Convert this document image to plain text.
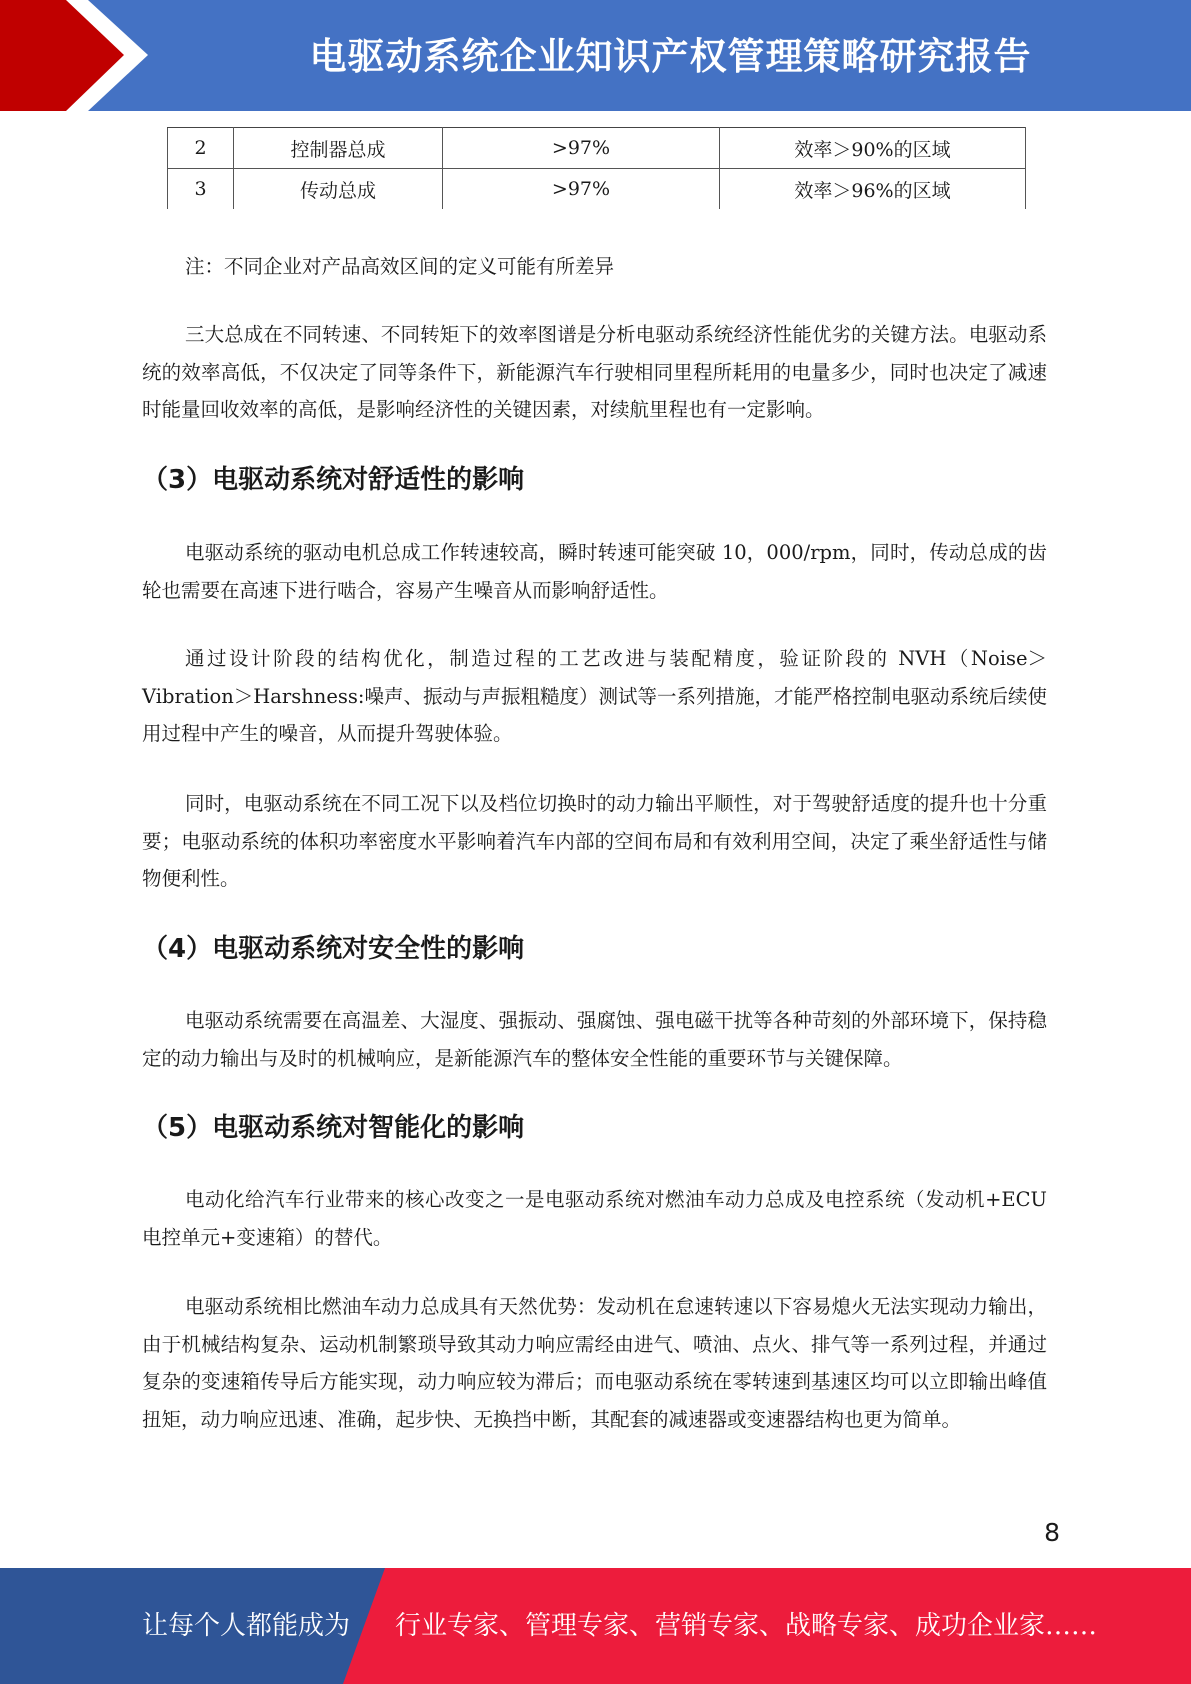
电驱动系统企业知识产权管理策略研究报告
2	控制器总成	>97%	效率＞90%的区域
3	传动总成	>97%	效率＞96%的区域

注：不同企业对产品高效区间的定义可能有所差异

三大总成在不同转速、不同转矩下的效率图谱是分析电驱动系统经济性能优劣的关键方法。电驱动系统的效率高低，不仅决定了同等条件下，新能源汽车行驶相同里程所耗用的电量多少，同时也决定了减速时能量回收效率的高低，是影响经济性的关键因素，对续航里程也有一定影响。

（3）电驱动系统对舒适性的影响

电驱动系统的驱动电机总成工作转速较高，瞬时转速可能突破 10，000/rpm，同时，传动总成的齿轮也需要在高速下进行啮合，容易产生噪音从而影响舒适性。

通过设计阶段的结构优化，制造过程的工艺改进与装配精度，验证阶段的 NVH（Noise＞Vibration＞Harshness:噪声、振动与声振粗糙度）测试等一系列措施，才能严格控制电驱动系统后续使用过程中产生的噪音，从而提升驾驶体验。

同时，电驱动系统在不同工况下以及档位切换时的动力输出平顺性，对于驾驶舒适度的提升也十分重要；电驱动系统的体积功率密度水平影响着汽车内部的空间布局和有效利用空间，决定了乘坐舒适性与储物便利性。

（4）电驱动系统对安全性的影响

电驱动系统需要在高温差、大湿度、强振动、强腐蚀、强电磁干扰等各种苛刻的外部环境下，保持稳定的动力输出与及时的机械响应，是新能源汽车的整体安全性能的重要环节与关键保障。

（5）电驱动系统对智能化的影响

电动化给汽车行业带来的核心改变之一是电驱动系统对燃油车动力总成及电控系统（发动机+ECU 电控单元+变速箱）的替代。

电驱动系统相比燃油车动力总成具有天然优势：发动机在怠速转速以下容易熄火无法实现动力输出，由于机械结构复杂、运动机制繁琐导致其动力响应需经由进气、喷油、点火、排气等一系列过程，并通过复杂的变速箱传导后方能实现，动力响应较为滞后；而电驱动系统在零转速到基速区均可以立即输出峰值扭矩，动力响应迅速、准确，起步快、无换挡中断，其配套的减速器或变速器结构也更为简单。

8
让每个人都能成为 行业专家、管理专家、营销专家、战略专家、成功企业家……
